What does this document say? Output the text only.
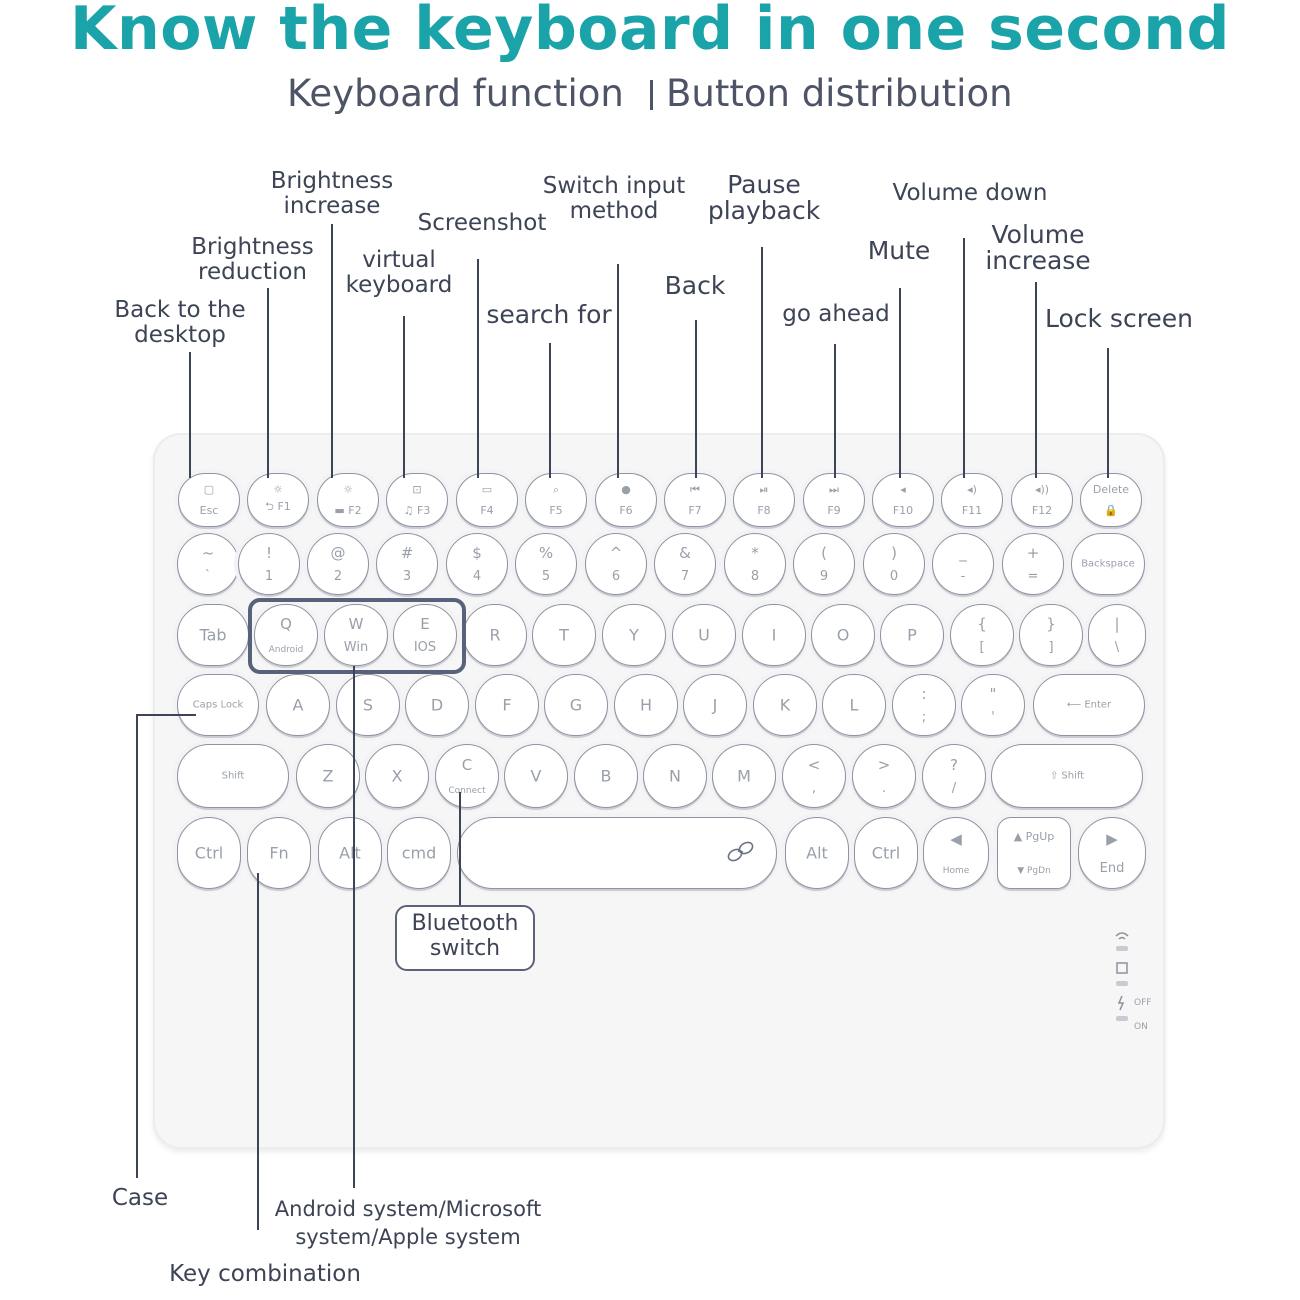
Know the keyboard in one second
Keyboard function Button distribution
Back to the
desktop
Brightness
reduction
Brightness
increase
virtual
keyboard
Screenshot
search for
Switch input
method
Back
Pause
playback
go ahead
Mute
Volume down
Volume
increase
Lock screen
▢
Esc
☼
⮌ F1
☼
▬ F2
⊡
♫ F3
▭
F4
⌕
F5
●
F6
⏮
F7
⏯
F8
⏭
F9
◂
F10
◂)
F11
◂))
F12
Delete
🔒
~
`
!
1
@
2
#
3
$
4
%
5
^
6
&
7
*
8
(
9
)
0
_
-
+
=
Backspace
Tab
Q
Android
W
Win
E
IOS
R	T	Y	U	I	O	P
{
[
}
]
|
\
Caps Lock	A	S	D	F	G	H	J	K	L
:
;
"
'
⟵ Enter
Shift	Z	X
C
Connect
V	B	N	M
<
,
>
.
?
/
⇧ Shift
Ctrl	Fn	Alt	cmd	Alt	Ctrl
◀
Home
▲ PgUp
▼ PgDn
▶
End
Bluetooth
switch
Case
Key combination
Android system/Microsoft
system/Apple system
OFF
ON
